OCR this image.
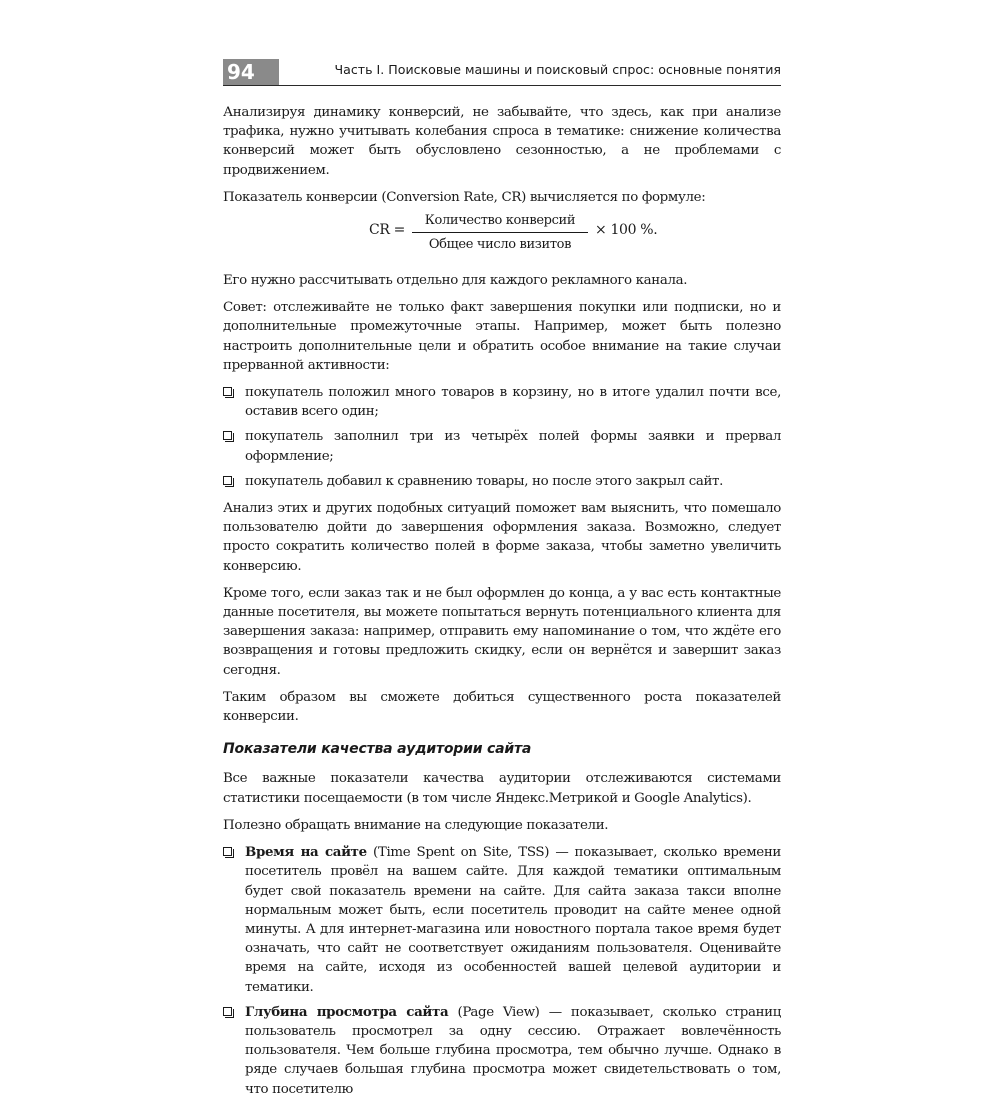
94	Часть I. Поисковые машины и поисковый спрос: основные понятия

Анализируя динамику конверсий, не забывайте, что здесь, как при анализе трафика, нужно учитывать колебания спроса в тематике: снижение количества конверсий может быть обусловлено сезонностью, а не проблемами с продвижением.

Показатель конверсии (Conversion Rate, CR) вычисляется по формуле:

CR =
Количество конверсий
Общее число визитов
× 100 %.

Его нужно рассчитывать отдельно для каждого рекламного канала.

Совет: отслеживайте не только факт завершения покупки или подписки, но и дополнительные промежуточные этапы. Например, может быть полезно настроить дополнительные цели и обратить особое внимание на такие случаи прерванной активности:

покупатель положил много товаров в корзину, но в итоге удалил почти все, оставив всего один;
покупатель заполнил три из четырёх полей формы заявки и прервал оформление;
покупатель добавил к сравнению товары, но после этого закрыл сайт.

Анализ этих и других подобных ситуаций поможет вам выяснить, что помешало пользователю дойти до завершения оформления заказа. Возможно, следует просто сократить количество полей в форме заказа, чтобы заметно увеличить конверсию.

Кроме того, если заказ так и не был оформлен до конца, а у вас есть контактные данные посетителя, вы можете попытаться вернуть потенциального клиента для завершения заказа: например, отправить ему напоминание о том, что ждёте его возвращения и готовы предложить скидку, если он вернётся и завершит заказ сегодня.

Таким образом вы сможете добиться существенного роста показателей конверсии.

Показатели качества аудитории сайта

Все важные показатели качества аудитории отслеживаются системами статистики посещаемости (в том числе Яндекс.Метрикой и Google Analytics).

Полезно обращать внимание на следующие показатели.

Время на сайте (Time Spent on Site, TSS) — показывает, сколько времени посетитель провёл на вашем сайте. Для каждой тематики оптимальным будет свой показатель времени на сайте. Для сайта заказа такси вполне нормальным может быть, если посетитель проводит на сайте менее одной минуты. А для интернет-магазина или новостного портала такое время будет означать, что сайт не соответствует ожиданиям пользователя. Оценивайте время на сайте, исходя из особенностей вашей целевой аудитории и тематики.
Глубина просмотра сайта (Page View) — показывает, сколько страниц пользователь просмотрел за одну сессию. Отражает вовлечённость пользователя. Чем больше глубина просмотра, тем обычно лучше. Однако в ряде случаев большая глубина просмотра может свидетельствовать о том, что посетителю
